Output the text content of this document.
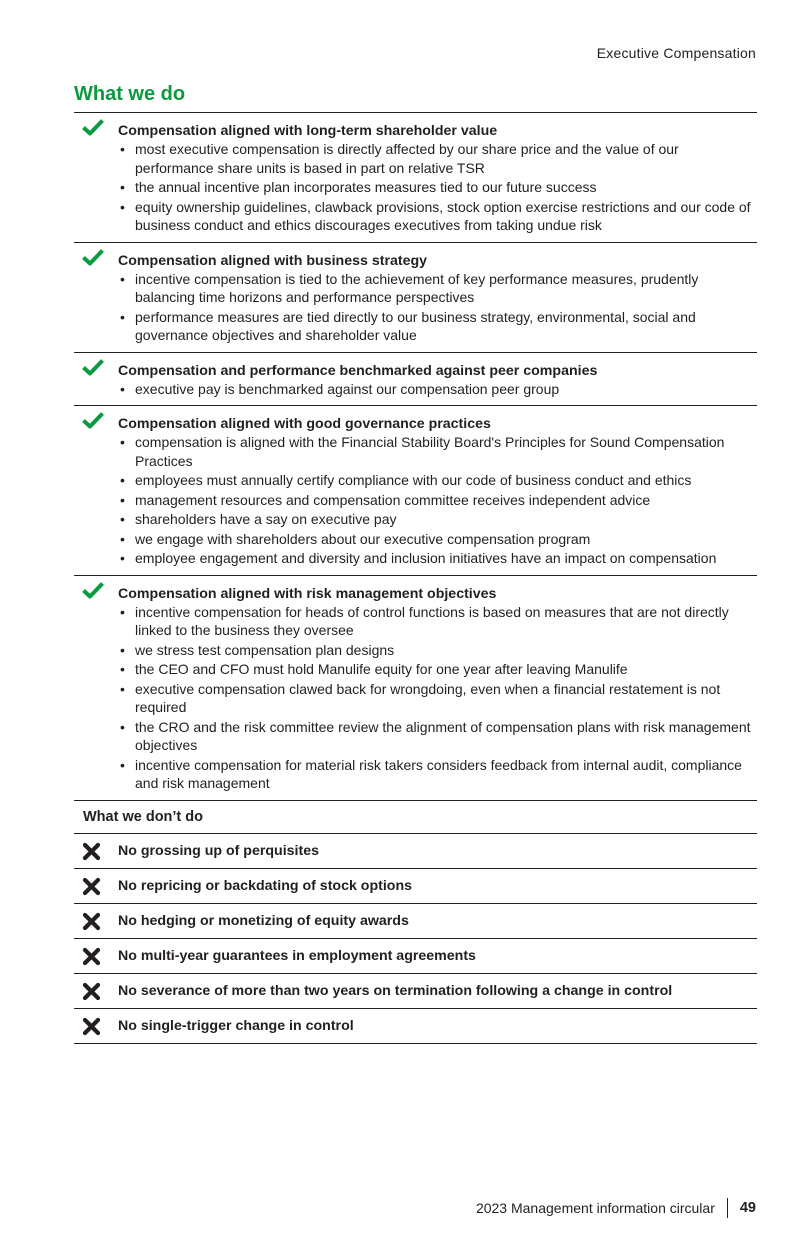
Executive Compensation
What we do
Compensation aligned with long-term shareholder value
• most executive compensation is directly affected by our share price and the value of our performance share units is based in part on relative TSR
• the annual incentive plan incorporates measures tied to our future success
• equity ownership guidelines, clawback provisions, stock option exercise restrictions and our code of business conduct and ethics discourages executives from taking undue risk
Compensation aligned with business strategy
• incentive compensation is tied to the achievement of key performance measures, prudently balancing time horizons and performance perspectives
• performance measures are tied directly to our business strategy, environmental, social and governance objectives and shareholder value
Compensation and performance benchmarked against peer companies
• executive pay is benchmarked against our compensation peer group
Compensation aligned with good governance practices
• compensation is aligned with the Financial Stability Board's Principles for Sound Compensation Practices
• employees must annually certify compliance with our code of business conduct and ethics
• management resources and compensation committee receives independent advice
• shareholders have a say on executive pay
• we engage with shareholders about our executive compensation program
• employee engagement and diversity and inclusion initiatives have an impact on compensation
Compensation aligned with risk management objectives
• incentive compensation for heads of control functions is based on measures that are not directly linked to the business they oversee
• we stress test compensation plan designs
• the CEO and CFO must hold Manulife equity for one year after leaving Manulife
• executive compensation clawed back for wrongdoing, even when a financial restatement is not required
• the CRO and the risk committee review the alignment of compensation plans with risk management objectives
• incentive compensation for material risk takers considers feedback from internal audit, compliance and risk management
What we don’t do
No grossing up of perquisites
No repricing or backdating of stock options
No hedging or monetizing of equity awards
No multi-year guarantees in employment agreements
No severance of more than two years on termination following a change in control
No single-trigger change in control
2023 Management information circular 49
